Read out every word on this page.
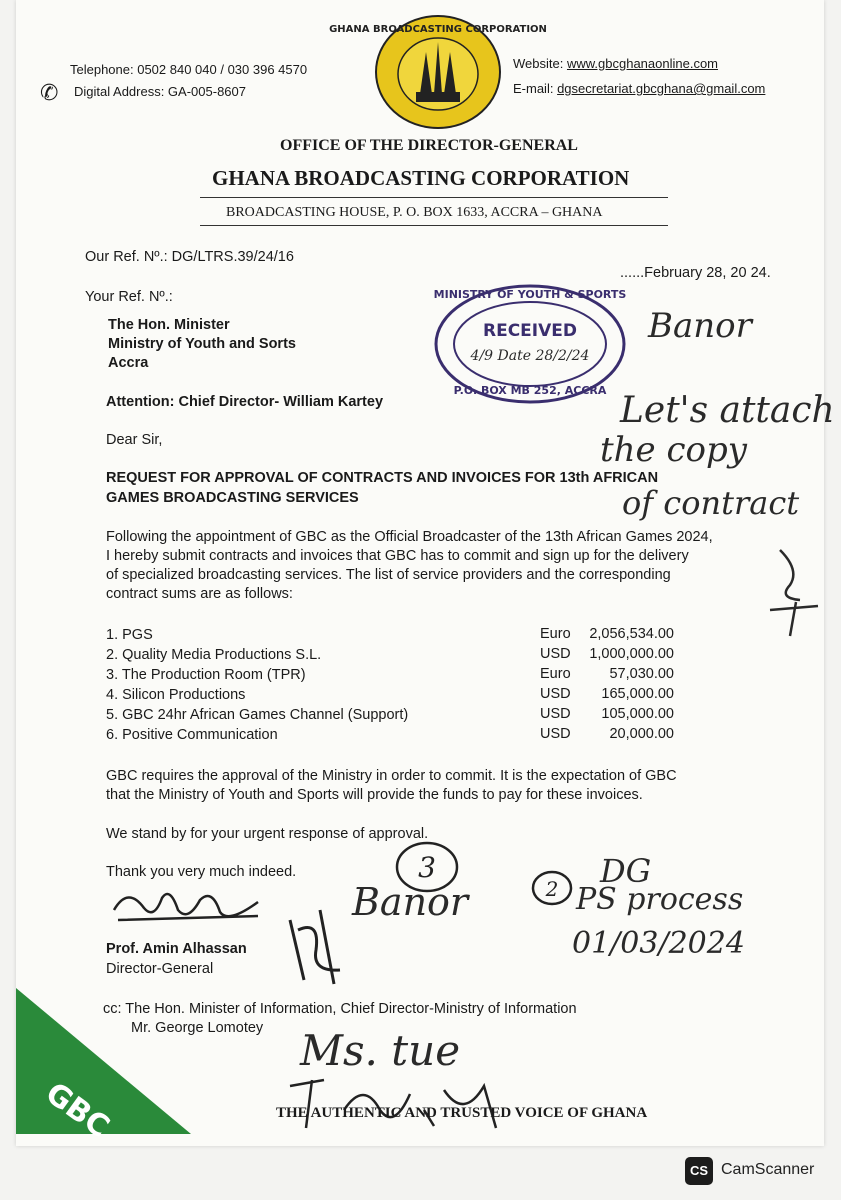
GHANA BROADCASTING CORPORATION
Telephone: 0502 840 040 / 030 396 4570
✆ Digital Address: GA-005-8607
Website: www.gbcghanaonline.com
E-mail: dgsecretariat.gbcghana@gmail.com
OFFICE OF THE DIRECTOR-GENERAL
GHANA BROADCASTING CORPORATION
BROADCASTING HOUSE, P. O. BOX 1633, ACCRA – GHANA
Our Ref. Nº.: DG/LTRS.39/24/16
......February 28, 20 24.
Your Ref. Nº.:
The Hon. Minister
Ministry of Youth and Sorts
Accra
Attention: Chief Director- William Kartey
MINISTRY OF YOUTH & SPORTS
RECEIVED
4/9 Date 28/2/24
P.O. BOX MB 252, ACCRA
Banor
Let's attach
the copy
of contract
Dear Sir,
REQUEST FOR APPROVAL OF CONTRACTS AND INVOICES FOR 13th AFRICAN
GAMES BROADCASTING SERVICES
Following the appointment of GBC as the Official Broadcaster of the 13th African Games 2024,
I hereby submit contracts and invoices that GBC has to commit and sign up for the delivery
of specialized broadcasting services. The list of service providers and the corresponding
contract sums are as follows:
1. PGS	Euro	2,056,534.00
2. Quality Media Productions S.L.	USD	1,000,000.00
3. The Production Room (TPR)	Euro	57,030.00
4. Silicon Productions	USD	165,000.00
5. GBC 24hr African Games Channel (Support)	USD	105,000.00
6. Positive Communication	USD	20,000.00
GBC requires the approval of the Ministry in order to commit. It is the expectation of GBC
that the Ministry of Youth and Sports will provide the funds to pay for these invoices.
We stand by for your urgent response of approval.
Thank you very much indeed.
Prof. Amin Alhassan
Director-General
3
Banor	2 DG
PS process
01/03/2024
cc: The Hon. Minister of Information, Chief Director-Ministry of Information
Mr. George Lomotey Ms. tue
THE AUTHENTIC AND TRUSTED VOICE OF GHANA
GBC
CS CamScanner
